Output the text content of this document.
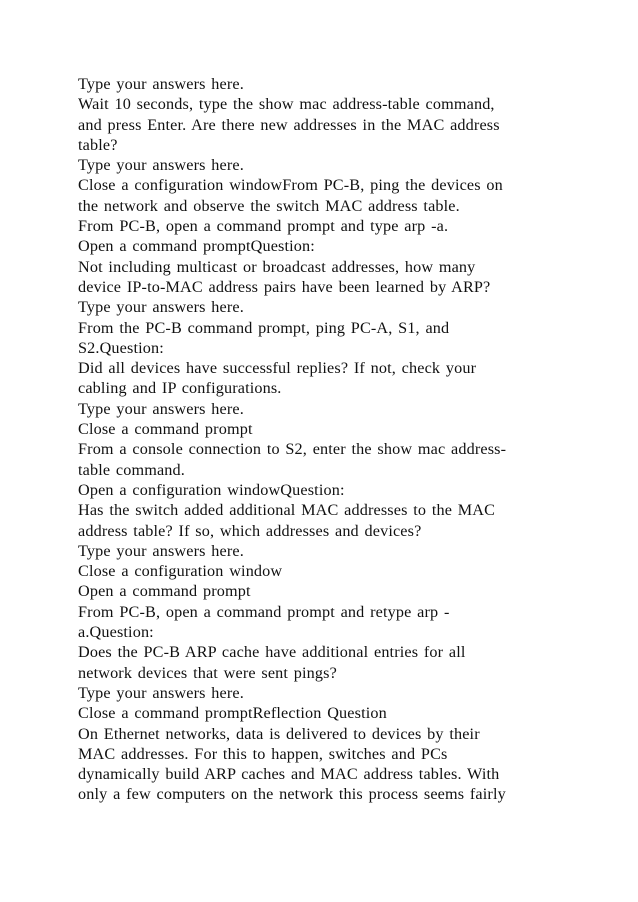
Type your answers here.
Wait 10 seconds, type the show mac address-table command,
and press Enter. Are there new addresses in the MAC address
table?
Type your answers here.
Close a configuration windowFrom PC-B, ping the devices on
the network and observe the switch MAC address table.
From PC-B, open a command prompt and type arp -a.
Open a command promptQuestion:
Not including multicast or broadcast addresses, how many
device IP-to-MAC address pairs have been learned by ARP?
Type your answers here.
From the PC-B command prompt, ping PC-A, S1, and
S2.Question:
Did all devices have successful replies? If not, check your
cabling and IP configurations.
Type your answers here.
Close a command prompt
From a console connection to S2, enter the show mac address-
table command.
Open a configuration windowQuestion:
Has the switch added additional MAC addresses to the MAC
address table? If so, which addresses and devices?
Type your answers here.
Close a configuration window
Open a command prompt
From PC-B, open a command prompt and retype arp -
a.Question:
Does the PC-B ARP cache have additional entries for all
network devices that were sent pings?
Type your answers here.
Close a command promptReflection Question
On Ethernet networks, data is delivered to devices by their
MAC addresses. For this to happen, switches and PCs
dynamically build ARP caches and MAC address tables. With
only a few computers on the network this process seems fairly
